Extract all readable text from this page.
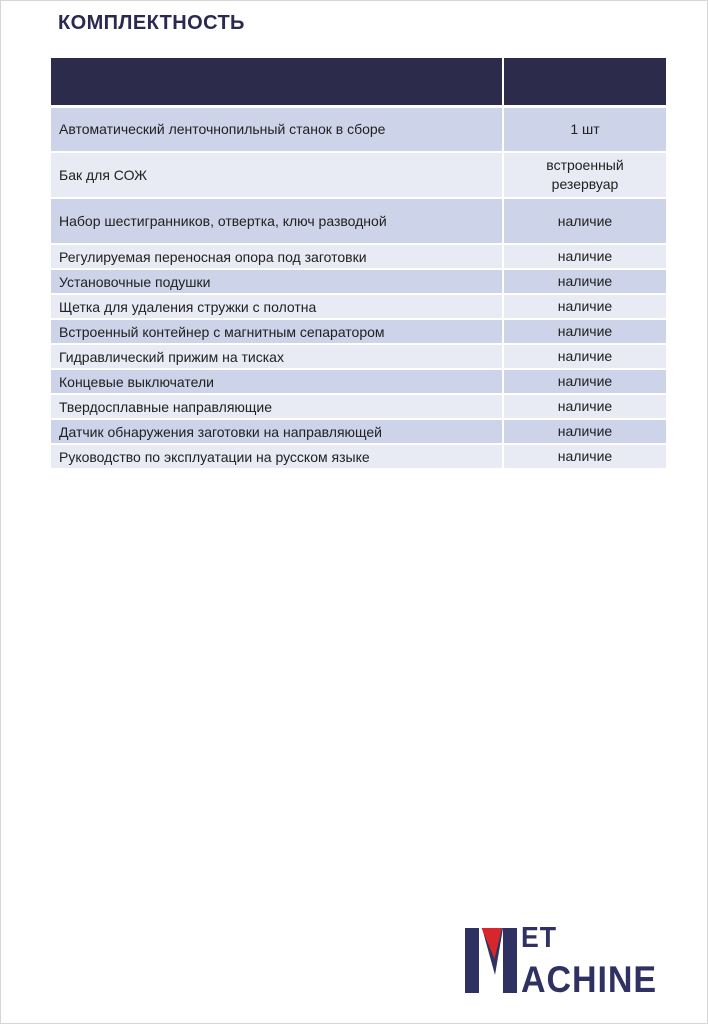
КОМПЛЕКТНОСТЬ

Автоматический ленточнопильный станок в сборе	1 шт
Бак для СОЖ	встроенный резервуар
Набор шестигранников, отвертка, ключ разводной	наличие
Регулируемая переносная опора под заготовки	наличие
Установочные подушки	наличие
Щетка для удаления стружки с полотна	наличие
Встроенный контейнер с магнитным сепаратором	наличие
Гидравлический прижим на тисках	наличие
Концевые выключатели	наличие
Твердосплавные направляющие	наличие
Датчик обнаружения заготовки на направляющей	наличие
Руководство по эксплуатации на русском языке	наличие
ET
ACHINE
